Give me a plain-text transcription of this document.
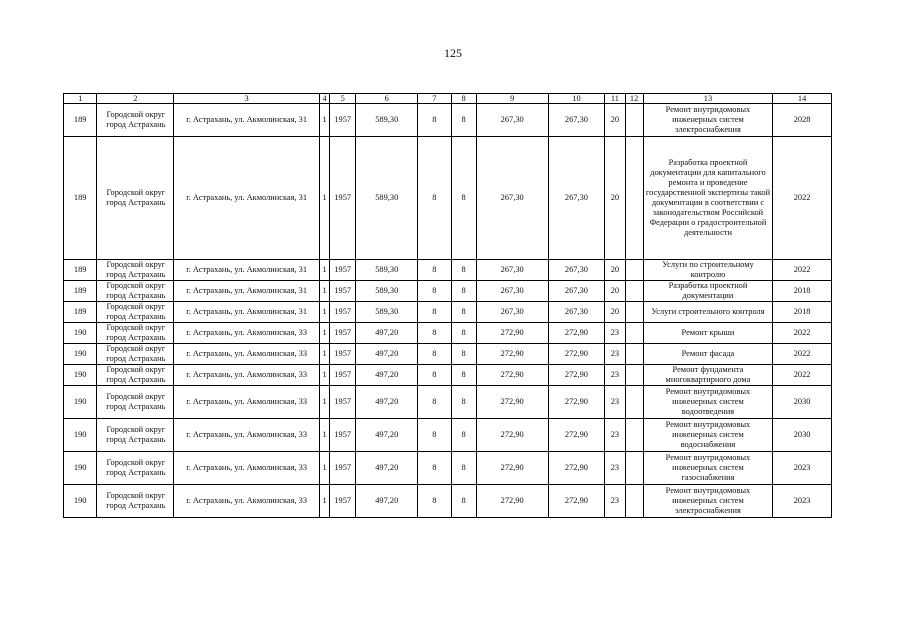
125
1	2	3	4	5	6	7	8	9	10	11	12	13	14
189	Городской округ город Астрахань	г. Астрахань, ул. Акмолинская, 31	1	1957	589,30	8	8	267,30	267,30	20		Ремонт внутридомовых инженерных систем электроснабжения	2028
189	Городской округ город Астрахань	г. Астрахань, ул. Акмолинская, 31	1	1957	589,30	8	8	267,30	267,30	20		Разработка проектной документации для капитального ремонта и проведение государственной экспертизы такой документации в соответствии с законодательством Российской Федерации о градостроительной деятельности	2022
189	Городской округ город Астрахань	г. Астрахань, ул. Акмолинская, 31	1	1957	589,30	8	8	267,30	267,30	20		Услуги по строительному контролю	2022
189	Городской округ город Астрахань	г. Астрахань, ул. Акмолинская, 31	1	1957	589,30	8	8	267,30	267,30	20		Разработка проектной документации	2018
189	Городской округ город Астрахань	г. Астрахань, ул. Акмолинская, 31	1	1957	589,30	8	8	267,30	267,30	20		Услуги строительного контроля	2018
190	Городской округ город Астрахань	г. Астрахань, ул. Акмолинская, 33	1	1957	497,20	8	8	272,90	272,90	23		Ремонт крыши	2022
190	Городской округ город Астрахань	г. Астрахань, ул. Акмолинская, 33	1	1957	497,20	8	8	272,90	272,90	23		Ремонт фасада	2022
190	Городской округ город Астрахань	г. Астрахань, ул. Акмолинская, 33	1	1957	497,20	8	8	272,90	272,90	23		Ремонт фундамента многоквартирного дома	2022
190	Городской округ город Астрахань	г. Астрахань, ул. Акмолинская, 33	1	1957	497,20	8	8	272,90	272,90	23		Ремонт внутридомовых инженерных систем водоотведения	2030
190	Городской округ город Астрахань	г. Астрахань, ул. Акмолинская, 33	1	1957	497,20	8	8	272,90	272,90	23		Ремонт внутридомовых инженерных систем водоснабжения	2030
190	Городской округ город Астрахань	г. Астрахань, ул. Акмолинская, 33	1	1957	497,20	8	8	272,90	272,90	23		Ремонт внутридомовых инженерных систем газоснабжения	2023
190	Городской округ город Астрахань	г. Астрахань, ул. Акмолинская, 33	1	1957	497,20	8	8	272,90	272,90	23		Ремонт внутридомовых инженерных систем электроснабжения	2023
